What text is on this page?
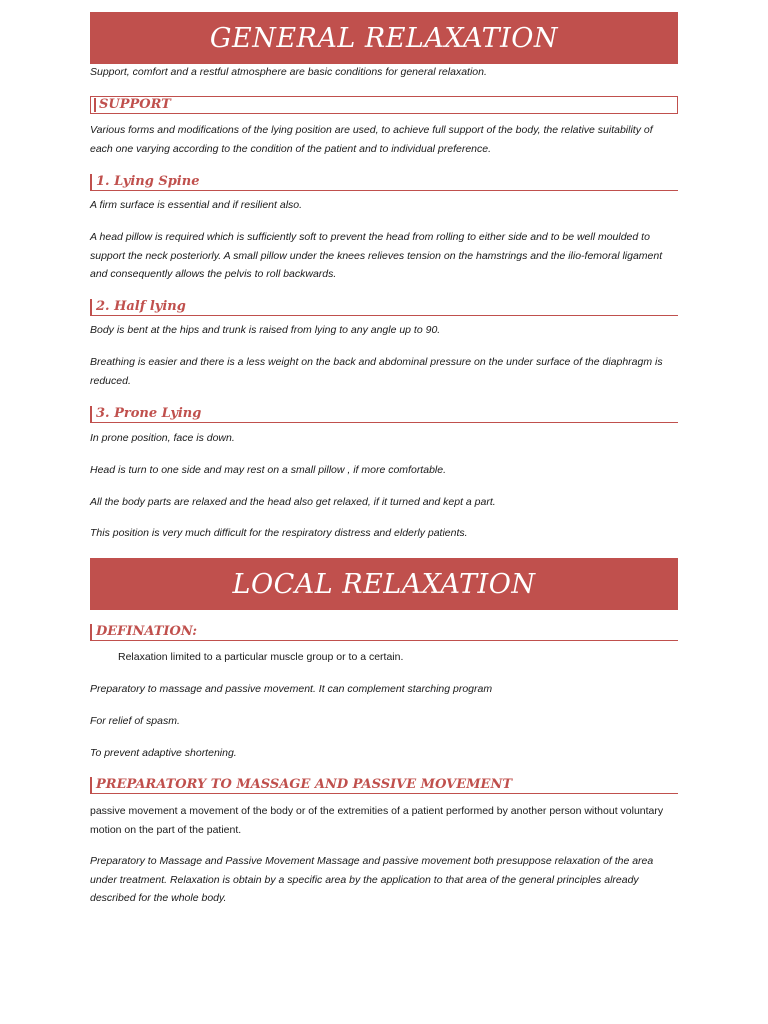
GENERAL RELAXATION
Support, comfort and a restful atmosphere are basic conditions for general relaxation.
SUPPORT
Various forms and modifications of the lying position are used, to achieve full support of the body, the relative suitability of each one varying according to the condition of the patient and to individual preference.
1. Lying Spine
A firm surface is essential and if resilient also.
A head pillow is required which is sufficiently soft to prevent the head from rolling to either side and to be well moulded to support the neck posteriorly. A small pillow under the knees relieves tension on the hamstrings and the ilio-femoral ligament and consequently allows the pelvis to roll backwards.
2. Half lying
Body is bent at the hips and trunk is raised from lying to any angle up to 90.
Breathing is easier and there is a less weight on the back and abdominal pressure on the under surface of the diaphragm is reduced.
3. Prone Lying
In prone position, face is down.
Head is turn to one side and may rest on a small pillow , if more comfortable.
All the body parts are relaxed and the head also get relaxed, if it turned and kept a part.
This position is very much difficult for the respiratory distress and elderly patients.
LOCAL RELAXATION
DEFINATION:
Relaxation limited to a particular muscle group or to a certain.
Preparatory to massage and passive movement. It can complement starching program
For relief of spasm.
To prevent adaptive shortening.
PREPARATORY TO MASSAGE AND PASSIVE MOVEMENT
passive movement a movement of the body or of the extremities of a patient performed by another person without voluntary motion on the part of the patient.
Preparatory to Massage and Passive Movement Massage and passive movement both presuppose relaxation of the area under treatment. Relaxation is obtain by a specific area by the application to that area of the general principles already described for the whole body.
